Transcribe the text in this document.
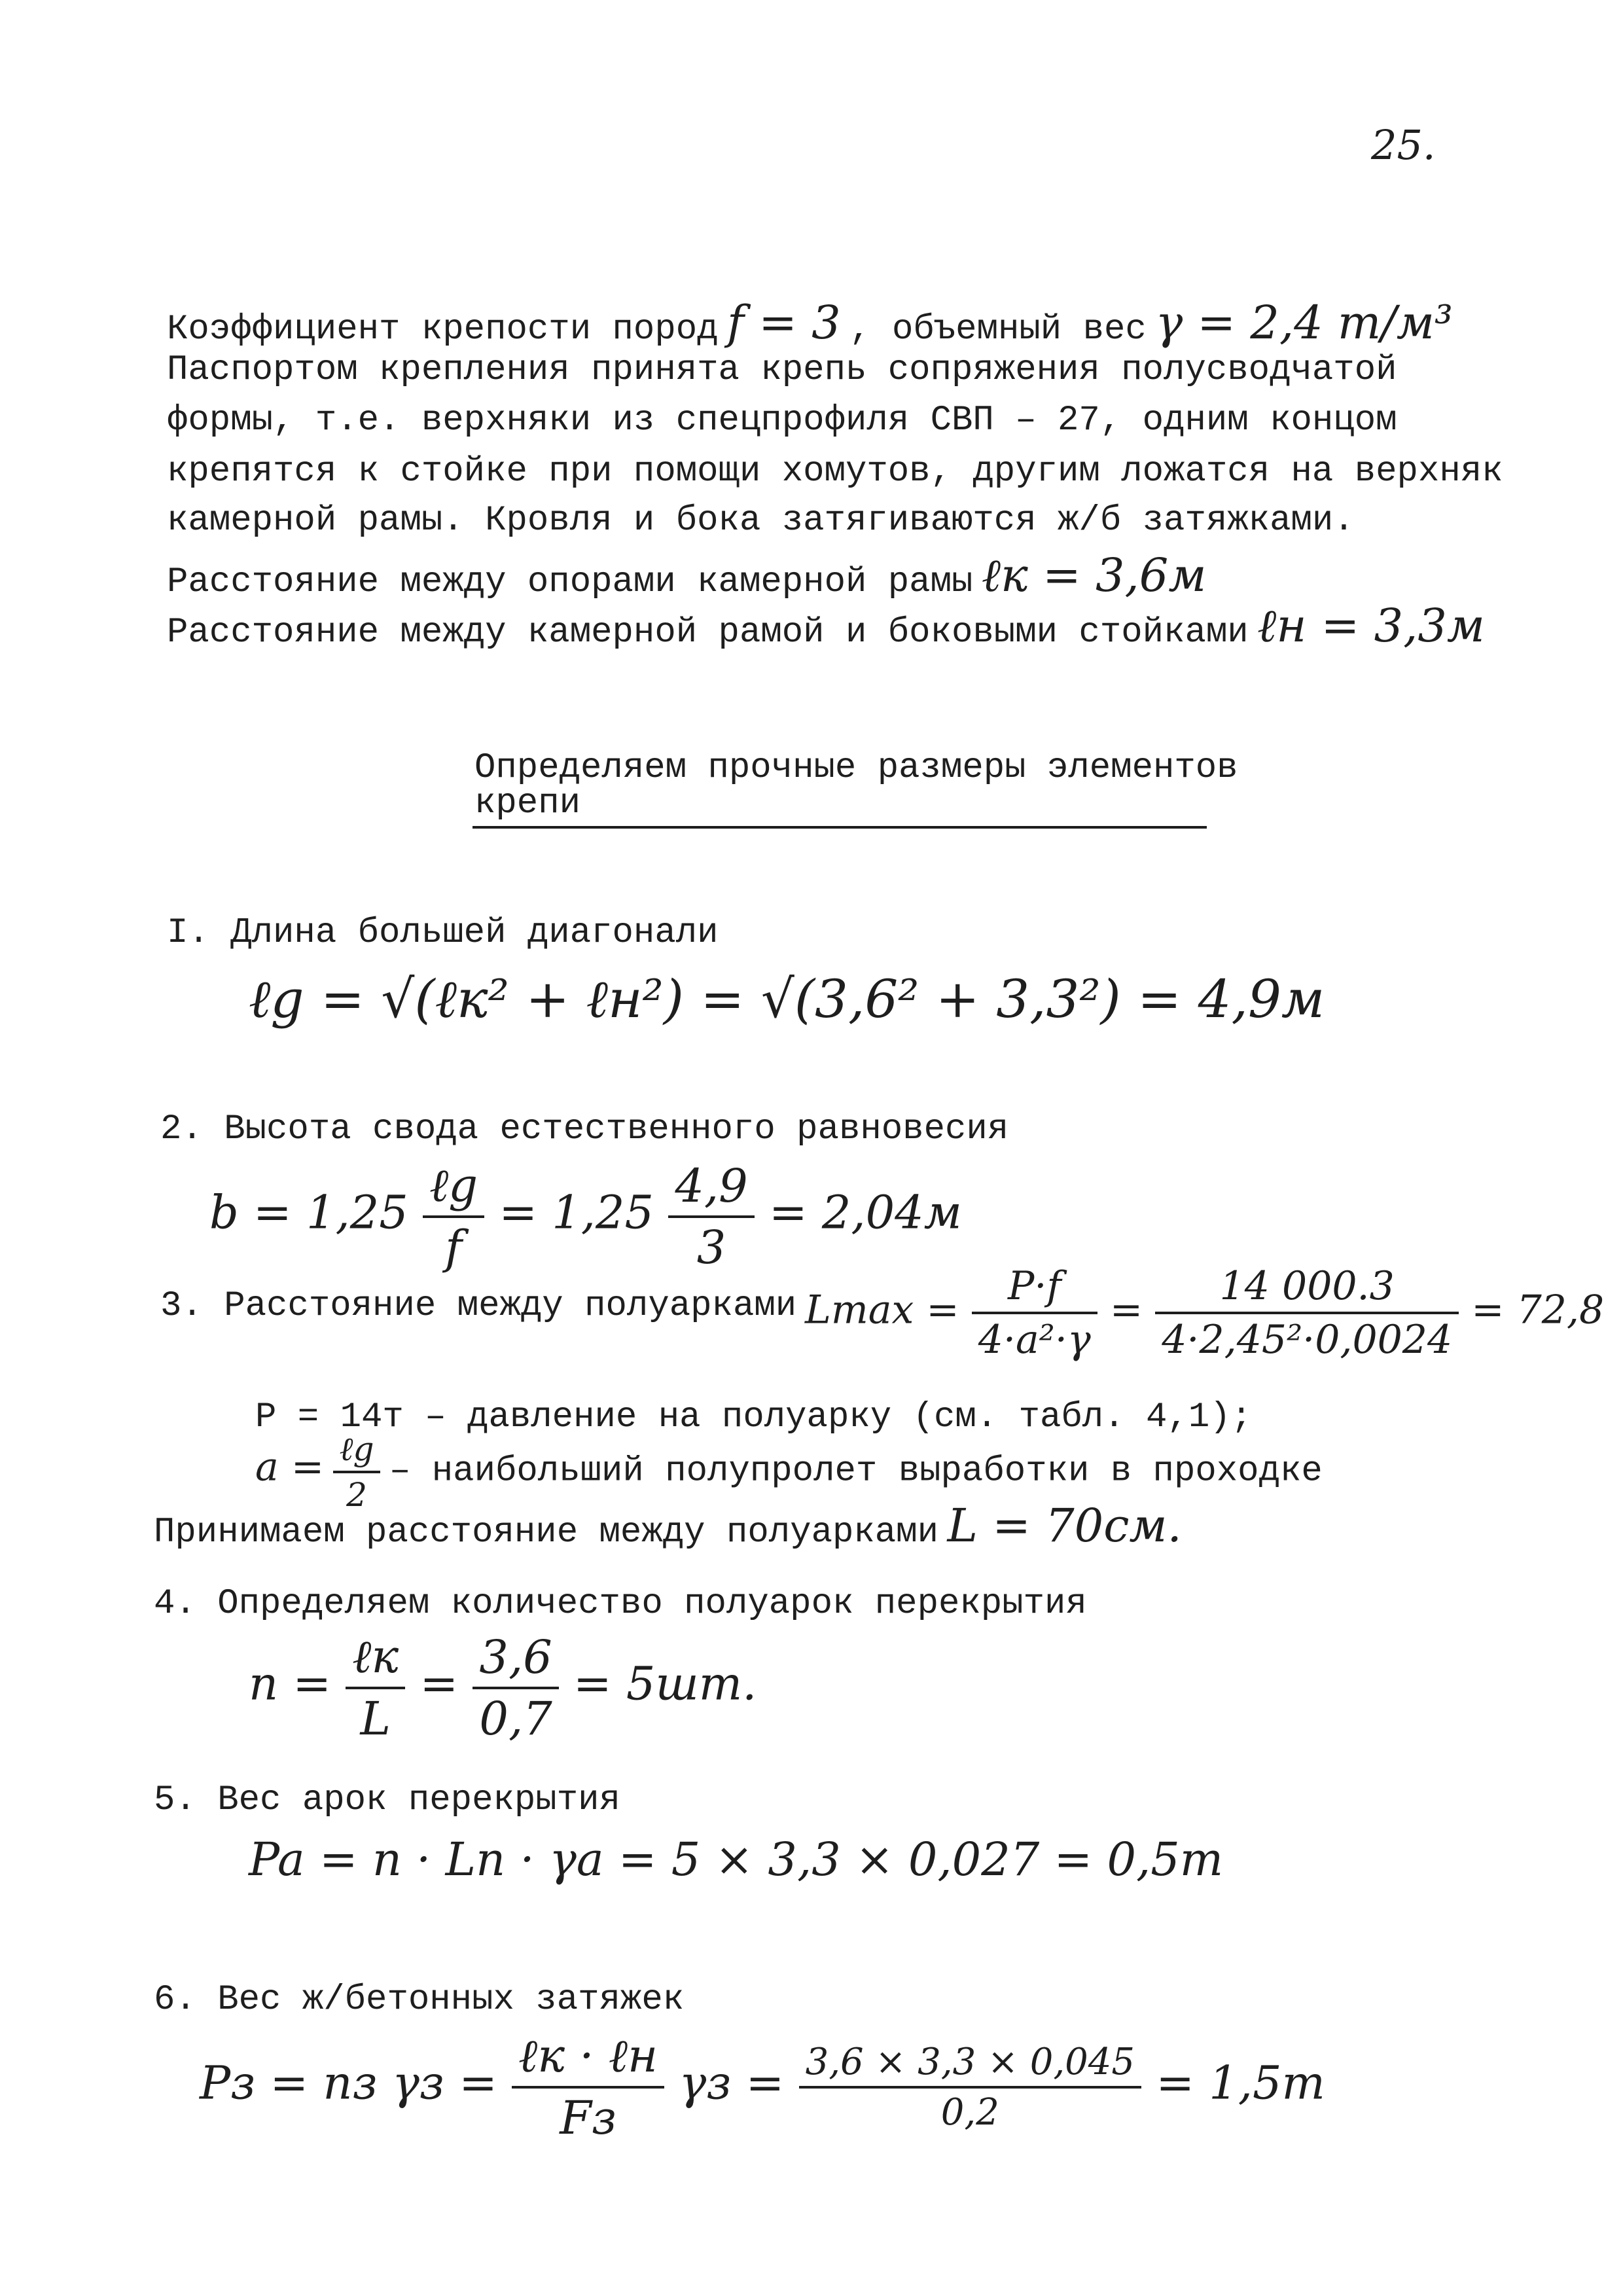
25.
Коэффициент крепости пород f = 3 , объемный вес γ = 2,4 т/м³
Паспортом крепления принята крепь сопряжения полусводчатой
формы, т.е. верхняки из спецпрофиля СВП – 27, одним концом
крепятся к стойке при помощи хомутов, другим ложатся на верхняк
камерной рамы. Кровля и бока затягиваются ж/б затяжками.
Расстояние между опорами камерной рамы ℓк = 3,6м
Расстояние между камерной рамой и боковыми стойками ℓн = 3,3м
Определяем прочные размеры элементов
крепи
I. Длина большей диагонали
ℓg = √(ℓк² + ℓн²) = √(3,6² + 3,3²) = 4,9м
2. Высота свода естественного равновесия
$b = 1,25 \frac{\text{ℓg}}{f} = 1,25 \frac{4,9}{3} = 2,04м$
3. Расстояние между полуарками $Lmax = \frac{P\cdot f}{\text{4·a²·γ}} = \frac{14 000.3}{\text{4·2,45²·0,0024}} = 72,8$
P = 14т – давление на полуарку (см. табл. 4,1);
$a = \frac{\text{ℓg}}{2}$ – наибольший полупролет выработки в проходке
Принимаем расстояние между полуарками L = 70см.
4. Определяем количество полуарок перекрытия
$n = \frac{\text{ℓк}}{L} = \frac{3,6}{0,7} = 5шт$.
5. Вес арок перекрытия
Pa = n · Ln · γa = 5 × 3,3 × 0,027 = 0,5т
6. Вес ж/бетонных затяжек
Pз = nз $\gamma з = \frac{\text{ℓк · ℓн}}{Fз}$ $\gamma з = \frac{3,6 \times 3,3 \times 0,045}{0,2} = 1,5т$
